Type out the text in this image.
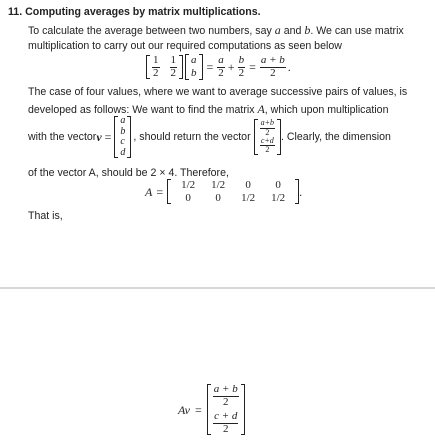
11. Computing averages by matrix multiplications.
To calculate the average between two numbers, say a and b. We can use matrix
multiplication to carry out our required computations as seen below
$\frac{1}{2} \frac{1}{2}$ a
$b = \frac{a}{2} + \frac{b}{2} = \frac{a + b}{2}$ .
The case of four values, where we want to average successive pairs of values, is
developed as follows: We want to find the matrix A, which upon multiplication
with the vector v =
a
b
c
d
, should return the vector $\frac{a+b}{2}$
$\frac{c+d}{2}$
. Clearly, the dimension
of the vector A, should be 2 × 4. Therefore,
A =	1/2	1/2	0	0
0	0	1/2	1/2	.
That is,
Av =
$\frac{a + b}{2}$
$\frac{c + d}{2}$
